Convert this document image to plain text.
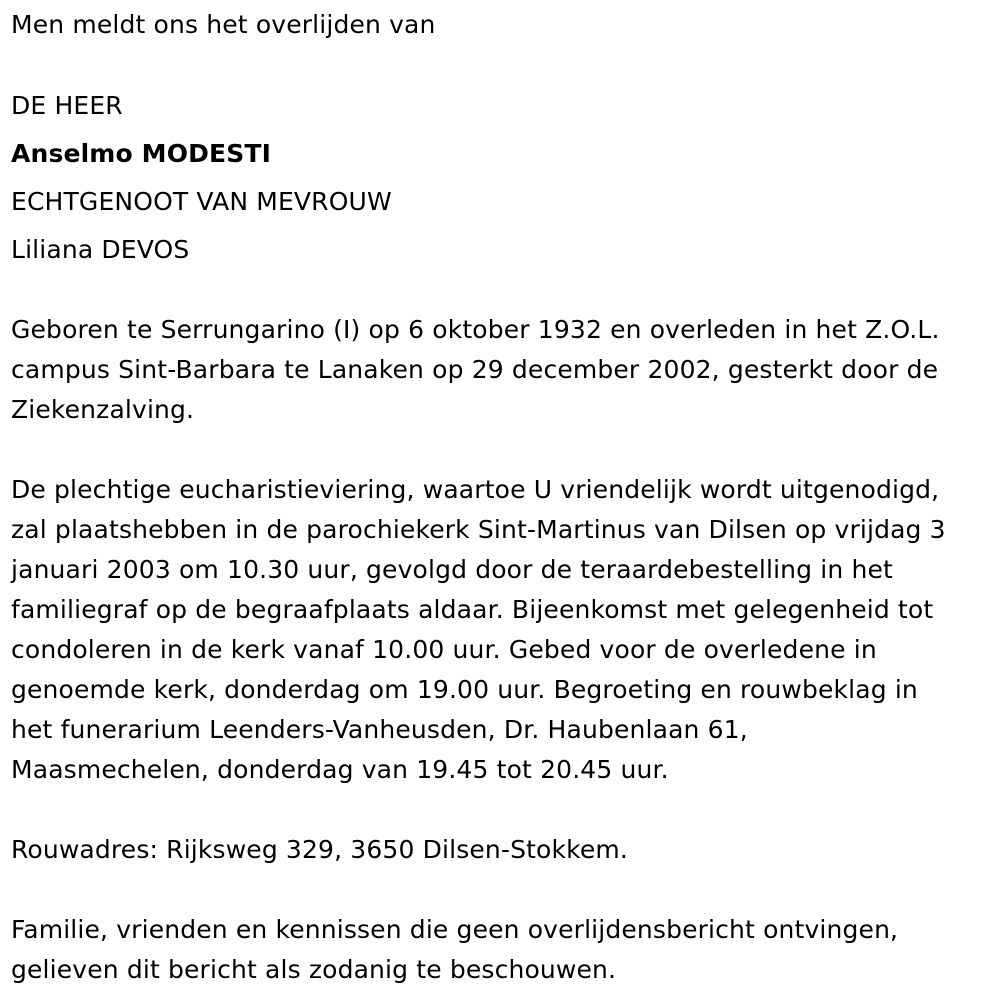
Men meldt ons het overlijden van
DE HEER
Anselmo MODESTI
ECHTGENOOT VAN MEVROUW
Liliana DEVOS
Geboren te Serrungarino (I) op 6 oktober 1932 en overleden in het Z.O.L.
campus Sint-Barbara te Lanaken op 29 december 2002, gesterkt door de
Ziekenzalving.
De plechtige eucharistieviering, waartoe U vriendelijk wordt uitgenodigd,
zal plaatshebben in de parochiekerk Sint-Martinus van Dilsen op vrijdag 3
januari 2003 om 10.30 uur, gevolgd door de teraardebestelling in het
familiegraf op de begraafplaats aldaar. Bijeenkomst met gelegenheid tot
condoleren in de kerk vanaf 10.00 uur. Gebed voor de overledene in
genoemde kerk, donderdag om 19.00 uur. Begroeting en rouwbeklag in
het funerarium Leenders-Vanheusden, Dr. Haubenlaan 61,
Maasmechelen, donderdag van 19.45 tot 20.45 uur.
Rouwadres: Rijksweg 329, 3650 Dilsen-Stokkem.
Familie, vrienden en kennissen die geen overlijdensbericht ontvingen,
gelieven dit bericht als zodanig te beschouwen.
